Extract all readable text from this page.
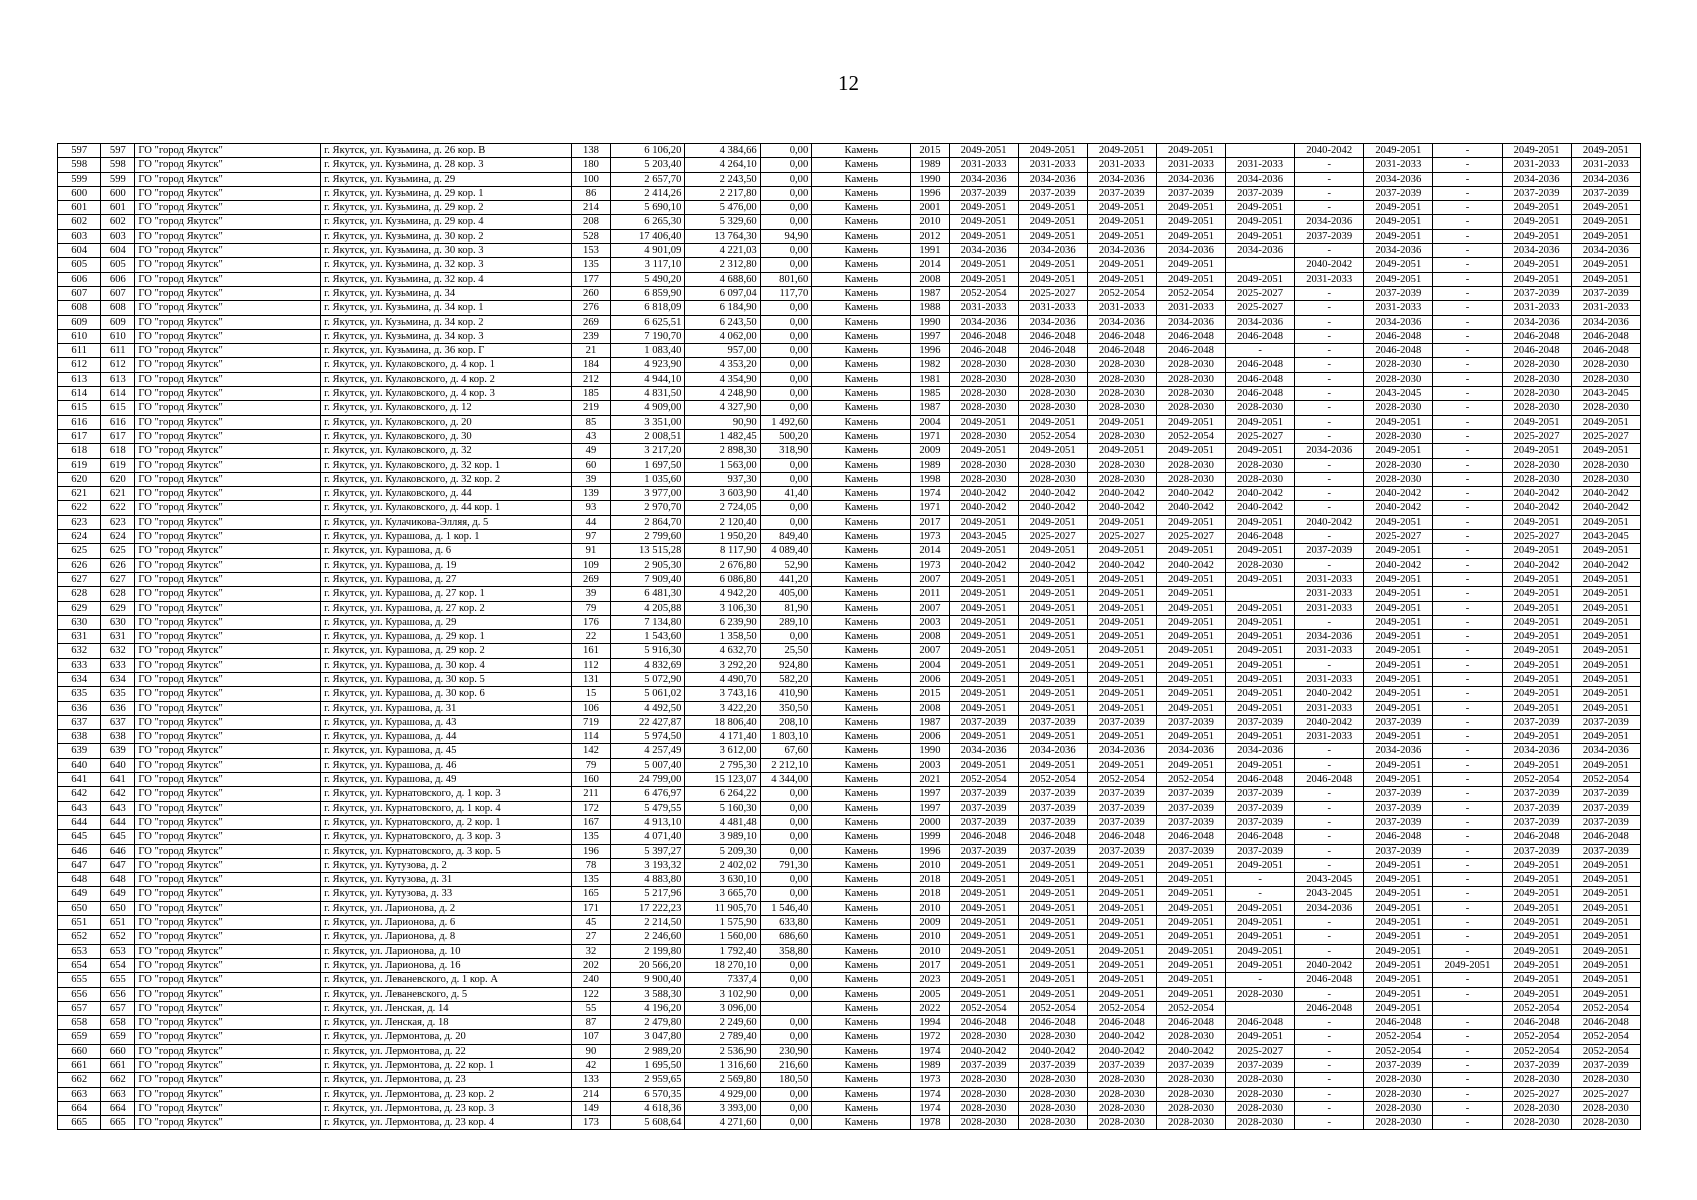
12
597	597	ГО "город Якутск"	г. Якутск, ул. Кузьмина, д. 26 кор. В	138	6 106,20	4 384,66	0,00	Камень	2015	2049-2051	2049-2051	2049-2051	2049-2051		2040-2042	2049-2051	-	2049-2051	2049-2051
598	598	ГО "город Якутск"	г. Якутск, ул. Кузьмина, д. 28 кор. 3	180	5 203,40	4 264,10	0,00	Камень	1989	2031-2033	2031-2033	2031-2033	2031-2033	2031-2033	-	2031-2033	-	2031-2033	2031-2033
599	599	ГО "город Якутск"	г. Якутск, ул. Кузьмина, д. 29	100	2 657,70	2 243,50	0,00	Камень	1990	2034-2036	2034-2036	2034-2036	2034-2036	2034-2036	-	2034-2036	-	2034-2036	2034-2036
600	600	ГО "город Якутск"	г. Якутск, ул. Кузьмина, д. 29 кор. 1	86	2 414,26	2 217,80	0,00	Камень	1996	2037-2039	2037-2039	2037-2039	2037-2039	2037-2039	-	2037-2039	-	2037-2039	2037-2039
601	601	ГО "город Якутск"	г. Якутск, ул. Кузьмина, д. 29 кор. 2	214	5 690,10	5 476,00	0,00	Камень	2001	2049-2051	2049-2051	2049-2051	2049-2051	2049-2051	-	2049-2051	-	2049-2051	2049-2051
602	602	ГО "город Якутск"	г. Якутск, ул. Кузьмина, д. 29 кор. 4	208	6 265,30	5 329,60	0,00	Камень	2010	2049-2051	2049-2051	2049-2051	2049-2051	2049-2051	2034-2036	2049-2051	-	2049-2051	2049-2051
603	603	ГО "город Якутск"	г. Якутск, ул. Кузьмина, д. 30 кор. 2	528	17 406,40	13 764,30	94,90	Камень	2012	2049-2051	2049-2051	2049-2051	2049-2051	2049-2051	2037-2039	2049-2051	-	2049-2051	2049-2051
604	604	ГО "город Якутск"	г. Якутск, ул. Кузьмина, д. 30 кор. 3	153	4 901,09	4 221,03	0,00	Камень	1991	2034-2036	2034-2036	2034-2036	2034-2036	2034-2036	-	2034-2036	-	2034-2036	2034-2036
605	605	ГО "город Якутск"	г. Якутск, ул. Кузьмина, д. 32 кор. 3	135	3 117,10	2 312,80	0,00	Камень	2014	2049-2051	2049-2051	2049-2051	2049-2051		2040-2042	2049-2051	-	2049-2051	2049-2051
606	606	ГО "город Якутск"	г. Якутск, ул. Кузьмина, д. 32 кор. 4	177	5 490,20	4 688,60	801,60	Камень	2008	2049-2051	2049-2051	2049-2051	2049-2051	2049-2051	2031-2033	2049-2051	-	2049-2051	2049-2051
607	607	ГО "город Якутск"	г. Якутск, ул. Кузьмина, д. 34	260	6 859,90	6 097,04	117,70	Камень	1987	2052-2054	2025-2027	2052-2054	2052-2054	2025-2027	-	2037-2039	-	2037-2039	2037-2039
608	608	ГО "город Якутск"	г. Якутск, ул. Кузьмина, д. 34 кор. 1	276	6 818,09	6 184,90	0,00	Камень	1988	2031-2033	2031-2033	2031-2033	2031-2033	2025-2027	-	2031-2033	-	2031-2033	2031-2033
609	609	ГО "город Якутск"	г. Якутск, ул. Кузьмина, д. 34 кор. 2	269	6 625,51	6 243,50	0,00	Камень	1990	2034-2036	2034-2036	2034-2036	2034-2036	2034-2036	-	2034-2036	-	2034-2036	2034-2036
610	610	ГО "город Якутск"	г. Якутск, ул. Кузьмина, д. 34 кор. 3	239	7 190,70	4 062,00	0,00	Камень	1997	2046-2048	2046-2048	2046-2048	2046-2048	2046-2048	-	2046-2048	-	2046-2048	2046-2048
611	611	ГО "город Якутск"	г. Якутск, ул. Кузьмина, д. 36 кор. Г	21	1 083,40	957,00	0,00	Камень	1996	2046-2048	2046-2048	2046-2048	2046-2048	-	-	2046-2048	-	2046-2048	2046-2048
612	612	ГО "город Якутск"	г. Якутск, ул. Кулаковского, д. 4 кор. 1	184	4 923,90	4 353,20	0,00	Камень	1982	2028-2030	2028-2030	2028-2030	2028-2030	2046-2048	-	2028-2030	-	2028-2030	2028-2030
613	613	ГО "город Якутск"	г. Якутск, ул. Кулаковского, д. 4 кор. 2	212	4 944,10	4 354,90	0,00	Камень	1981	2028-2030	2028-2030	2028-2030	2028-2030	2046-2048	-	2028-2030	-	2028-2030	2028-2030
614	614	ГО "город Якутск"	г. Якутск, ул. Кулаковского, д. 4 кор. 3	185	4 831,50	4 248,90	0,00	Камень	1985	2028-2030	2028-2030	2028-2030	2028-2030	2046-2048	-	2043-2045	-	2028-2030	2043-2045
615	615	ГО "город Якутск"	г. Якутск, ул. Кулаковского, д. 12	219	4 909,00	4 327,90	0,00	Камень	1987	2028-2030	2028-2030	2028-2030	2028-2030	2028-2030	-	2028-2030	-	2028-2030	2028-2030
616	616	ГО "город Якутск"	г. Якутск, ул. Кулаковского, д. 20	85	3 351,00	90,90	1 492,60	Камень	2004	2049-2051	2049-2051	2049-2051	2049-2051	2049-2051	-	2049-2051	-	2049-2051	2049-2051
617	617	ГО "город Якутск"	г. Якутск, ул. Кулаковского, д. 30	43	2 008,51	1 482,45	500,20	Камень	1971	2028-2030	2052-2054	2028-2030	2052-2054	2025-2027	-	2028-2030	-	2025-2027	2025-2027
618	618	ГО "город Якутск"	г. Якутск, ул. Кулаковского, д. 32	49	3 217,20	2 898,30	318,90	Камень	2009	2049-2051	2049-2051	2049-2051	2049-2051	2049-2051	2034-2036	2049-2051	-	2049-2051	2049-2051
619	619	ГО "город Якутск"	г. Якутск, ул. Кулаковского, д. 32 кор. 1	60	1 697,50	1 563,00	0,00	Камень	1989	2028-2030	2028-2030	2028-2030	2028-2030	2028-2030	-	2028-2030	-	2028-2030	2028-2030
620	620	ГО "город Якутск"	г. Якутск, ул. Кулаковского, д. 32 кор. 2	39	1 035,60	937,30	0,00	Камень	1998	2028-2030	2028-2030	2028-2030	2028-2030	2028-2030	-	2028-2030	-	2028-2030	2028-2030
621	621	ГО "город Якутск"	г. Якутск, ул. Кулаковского, д. 44	139	3 977,00	3 603,90	41,40	Камень	1974	2040-2042	2040-2042	2040-2042	2040-2042	2040-2042	-	2040-2042	-	2040-2042	2040-2042
622	622	ГО "город Якутск"	г. Якутск, ул. Кулаковского, д. 44 кор. 1	93	2 970,70	2 724,05	0,00	Камень	1971	2040-2042	2040-2042	2040-2042	2040-2042	2040-2042	-	2040-2042	-	2040-2042	2040-2042
623	623	ГО "город Якутск"	г. Якутск, ул. Кулачикова-Элляя, д. 5	44	2 864,70	2 120,40	0,00	Камень	2017	2049-2051	2049-2051	2049-2051	2049-2051	2049-2051	2040-2042	2049-2051	-	2049-2051	2049-2051
624	624	ГО "город Якутск"	г. Якутск, ул. Курашова, д. 1 кор. 1	97	2 799,60	1 950,20	849,40	Камень	1973	2043-2045	2025-2027	2025-2027	2025-2027	2046-2048	-	2025-2027	-	2025-2027	2043-2045
625	625	ГО "город Якутск"	г. Якутск, ул. Курашова, д. 6	91	13 515,28	8 117,90	4 089,40	Камень	2014	2049-2051	2049-2051	2049-2051	2049-2051	2049-2051	2037-2039	2049-2051	-	2049-2051	2049-2051
626	626	ГО "город Якутск"	г. Якутск, ул. Курашова, д. 19	109	2 905,30	2 676,80	52,90	Камень	1973	2040-2042	2040-2042	2040-2042	2040-2042	2028-2030	-	2040-2042	-	2040-2042	2040-2042
627	627	ГО "город Якутск"	г. Якутск, ул. Курашова, д. 27	269	7 909,40	6 086,80	441,20	Камень	2007	2049-2051	2049-2051	2049-2051	2049-2051	2049-2051	2031-2033	2049-2051	-	2049-2051	2049-2051
628	628	ГО "город Якутск"	г. Якутск, ул. Курашова, д. 27 кор. 1	39	6 481,30	4 942,20	405,00	Камень	2011	2049-2051	2049-2051	2049-2051	2049-2051		2031-2033	2049-2051	-	2049-2051	2049-2051
629	629	ГО "город Якутск"	г. Якутск, ул. Курашова, д. 27 кор. 2	79	4 205,88	3 106,30	81,90	Камень	2007	2049-2051	2049-2051	2049-2051	2049-2051	2049-2051	2031-2033	2049-2051	-	2049-2051	2049-2051
630	630	ГО "город Якутск"	г. Якутск, ул. Курашова, д. 29	176	7 134,80	6 239,90	289,10	Камень	2003	2049-2051	2049-2051	2049-2051	2049-2051	2049-2051	-	2049-2051	-	2049-2051	2049-2051
631	631	ГО "город Якутск"	г. Якутск, ул. Курашова, д. 29 кор. 1	22	1 543,60	1 358,50	0,00	Камень	2008	2049-2051	2049-2051	2049-2051	2049-2051	2049-2051	2034-2036	2049-2051	-	2049-2051	2049-2051
632	632	ГО "город Якутск"	г. Якутск, ул. Курашова, д. 29 кор. 2	161	5 916,30	4 632,70	25,50	Камень	2007	2049-2051	2049-2051	2049-2051	2049-2051	2049-2051	2031-2033	2049-2051	-	2049-2051	2049-2051
633	633	ГО "город Якутск"	г. Якутск, ул. Курашова, д. 30 кор. 4	112	4 832,69	3 292,20	924,80	Камень	2004	2049-2051	2049-2051	2049-2051	2049-2051	2049-2051	-	2049-2051	-	2049-2051	2049-2051
634	634	ГО "город Якутск"	г. Якутск, ул. Курашова, д. 30 кор. 5	131	5 072,90	4 490,70	582,20	Камень	2006	2049-2051	2049-2051	2049-2051	2049-2051	2049-2051	2031-2033	2049-2051	-	2049-2051	2049-2051
635	635	ГО "город Якутск"	г. Якутск, ул. Курашова, д. 30 кор. 6	15	5 061,02	3 743,16	410,90	Камень	2015	2049-2051	2049-2051	2049-2051	2049-2051	2049-2051	2040-2042	2049-2051	-	2049-2051	2049-2051
636	636	ГО "город Якутск"	г. Якутск, ул. Курашова, д. 31	106	4 492,50	3 422,20	350,50	Камень	2008	2049-2051	2049-2051	2049-2051	2049-2051	2049-2051	2031-2033	2049-2051	-	2049-2051	2049-2051
637	637	ГО "город Якутск"	г. Якутск, ул. Курашова, д. 43	719	22 427,87	18 806,40	208,10	Камень	1987	2037-2039	2037-2039	2037-2039	2037-2039	2037-2039	2040-2042	2037-2039	-	2037-2039	2037-2039
638	638	ГО "город Якутск"	г. Якутск, ул. Курашова, д. 44	114	5 974,50	4 171,40	1 803,10	Камень	2006	2049-2051	2049-2051	2049-2051	2049-2051	2049-2051	2031-2033	2049-2051	-	2049-2051	2049-2051
639	639	ГО "город Якутск"	г. Якутск, ул. Курашова, д. 45	142	4 257,49	3 612,00	67,60	Камень	1990	2034-2036	2034-2036	2034-2036	2034-2036	2034-2036	-	2034-2036	-	2034-2036	2034-2036
640	640	ГО "город Якутск"	г. Якутск, ул. Курашова, д. 46	79	5 007,40	2 795,30	2 212,10	Камень	2003	2049-2051	2049-2051	2049-2051	2049-2051	2049-2051	-	2049-2051	-	2049-2051	2049-2051
641	641	ГО "город Якутск"	г. Якутск, ул. Курашова, д. 49	160	24 799,00	15 123,07	4 344,00	Камень	2021	2052-2054	2052-2054	2052-2054	2052-2054	2046-2048	2046-2048	2049-2051	-	2052-2054	2052-2054
642	642	ГО "город Якутск"	г. Якутск, ул. Курнатовского, д. 1 кор. 3	211	6 476,97	6 264,22	0,00	Камень	1997	2037-2039	2037-2039	2037-2039	2037-2039	2037-2039	-	2037-2039	-	2037-2039	2037-2039
643	643	ГО "город Якутск"	г. Якутск, ул. Курнатовского, д. 1 кор. 4	172	5 479,55	5 160,30	0,00	Камень	1997	2037-2039	2037-2039	2037-2039	2037-2039	2037-2039	-	2037-2039	-	2037-2039	2037-2039
644	644	ГО "город Якутск"	г. Якутск, ул. Курнатовского, д. 2 кор. 1	167	4 913,10	4 481,48	0,00	Камень	2000	2037-2039	2037-2039	2037-2039	2037-2039	2037-2039	-	2037-2039	-	2037-2039	2037-2039
645	645	ГО "город Якутск"	г. Якутск, ул. Курнатовского, д. 3 кор. 3	135	4 071,40	3 989,10	0,00	Камень	1999	2046-2048	2046-2048	2046-2048	2046-2048	2046-2048	-	2046-2048	-	2046-2048	2046-2048
646	646	ГО "город Якутск"	г. Якутск, ул. Курнатовского, д. 3 кор. 5	196	5 397,27	5 209,30	0,00	Камень	1996	2037-2039	2037-2039	2037-2039	2037-2039	2037-2039	-	2037-2039	-	2037-2039	2037-2039
647	647	ГО "город Якутск"	г. Якутск, ул. Кутузова, д. 2	78	3 193,32	2 402,02	791,30	Камень	2010	2049-2051	2049-2051	2049-2051	2049-2051	2049-2051	-	2049-2051	-	2049-2051	2049-2051
648	648	ГО "город Якутск"	г. Якутск, ул. Кутузова, д. 31	135	4 883,80	3 630,10	0,00	Камень	2018	2049-2051	2049-2051	2049-2051	2049-2051	-	2043-2045	2049-2051	-	2049-2051	2049-2051
649	649	ГО "город Якутск"	г. Якутск, ул. Кутузова, д. 33	165	5 217,96	3 665,70	0,00	Камень	2018	2049-2051	2049-2051	2049-2051	2049-2051	-	2043-2045	2049-2051	-	2049-2051	2049-2051
650	650	ГО "город Якутск"	г. Якутск, ул. Ларионова, д. 2	171	17 222,23	11 905,70	1 546,40	Камень	2010	2049-2051	2049-2051	2049-2051	2049-2051	2049-2051	2034-2036	2049-2051	-	2049-2051	2049-2051
651	651	ГО "город Якутск"	г. Якутск, ул. Ларионова, д. 6	45	2 214,50	1 575,90	633,80	Камень	2009	2049-2051	2049-2051	2049-2051	2049-2051	2049-2051	-	2049-2051	-	2049-2051	2049-2051
652	652	ГО "город Якутск"	г. Якутск, ул. Ларионова, д. 8	27	2 246,60	1 560,00	686,60	Камень	2010	2049-2051	2049-2051	2049-2051	2049-2051	2049-2051	-	2049-2051	-	2049-2051	2049-2051
653	653	ГО "город Якутск"	г. Якутск, ул. Ларионова, д. 10	32	2 199,80	1 792,40	358,80	Камень	2010	2049-2051	2049-2051	2049-2051	2049-2051	2049-2051	-	2049-2051	-	2049-2051	2049-2051
654	654	ГО "город Якутск"	г. Якутск, ул. Ларионова, д. 16	202	20 566,20	18 270,10	0,00	Камень	2017	2049-2051	2049-2051	2049-2051	2049-2051	2049-2051	2040-2042	2049-2051	2049-2051	2049-2051	2049-2051
655	655	ГО "город Якутск"	г. Якутск, ул. Леваневского, д. 1 кор. А	240	9 900,40	7337,4	0,00	Камень	2023	2049-2051	2049-2051	2049-2051	2049-2051	-	2046-2048	2049-2051	-	2049-2051	2049-2051
656	656	ГО "город Якутск"	г. Якутск, ул. Леваневского, д. 5	122	3 588,30	3 102,90	0,00	Камень	2005	2049-2051	2049-2051	2049-2051	2049-2051	2028-2030	-	2049-2051	-	2049-2051	2049-2051
657	657	ГО "город Якутск"	г. Якутск, ул. Ленская, д. 14	55	4 196,20	3 096,00		Камень	2022	2052-2054	2052-2054	2052-2054	2052-2054		2046-2048	2049-2051		2052-2054	2052-2054
658	658	ГО "город Якутск"	г. Якутск, ул. Ленская, д. 18	87	2 479,80	2 249,60	0,00	Камень	1994	2046-2048	2046-2048	2046-2048	2046-2048	2046-2048	-	2046-2048	-	2046-2048	2046-2048
659	659	ГО "город Якутск"	г. Якутск, ул. Лермонтова, д. 20	107	3 047,80	2 789,40	0,00	Камень	1972	2028-2030	2028-2030	2040-2042	2028-2030	2049-2051	-	2052-2054	-	2052-2054	2052-2054
660	660	ГО "город Якутск"	г. Якутск, ул. Лермонтова, д. 22	90	2 989,20	2 536,90	230,90	Камень	1974	2040-2042	2040-2042	2040-2042	2040-2042	2025-2027	-	2052-2054	-	2052-2054	2052-2054
661	661	ГО "город Якутск"	г. Якутск, ул. Лермонтова, д. 22 кор. 1	42	1 695,50	1 316,60	216,60	Камень	1989	2037-2039	2037-2039	2037-2039	2037-2039	2037-2039	-	2037-2039	-	2037-2039	2037-2039
662	662	ГО "город Якутск"	г. Якутск, ул. Лермонтова, д. 23	133	2 959,65	2 569,80	180,50	Камень	1973	2028-2030	2028-2030	2028-2030	2028-2030	2028-2030	-	2028-2030	-	2028-2030	2028-2030
663	663	ГО "город Якутск"	г. Якутск, ул. Лермонтова, д. 23 кор. 2	214	6 570,35	4 929,00	0,00	Камень	1974	2028-2030	2028-2030	2028-2030	2028-2030	2028-2030	-	2028-2030	-	2025-2027	2025-2027
664	664	ГО "город Якутск"	г. Якутск, ул. Лермонтова, д. 23 кор. 3	149	4 618,36	3 393,00	0,00	Камень	1974	2028-2030	2028-2030	2028-2030	2028-2030	2028-2030	-	2028-2030	-	2028-2030	2028-2030
665	665	ГО "город Якутск"	г. Якутск, ул. Лермонтова, д. 23 кор. 4	173	5 608,64	4 271,60	0,00	Камень	1978	2028-2030	2028-2030	2028-2030	2028-2030	2028-2030	-	2028-2030	-	2028-2030	2028-2030
